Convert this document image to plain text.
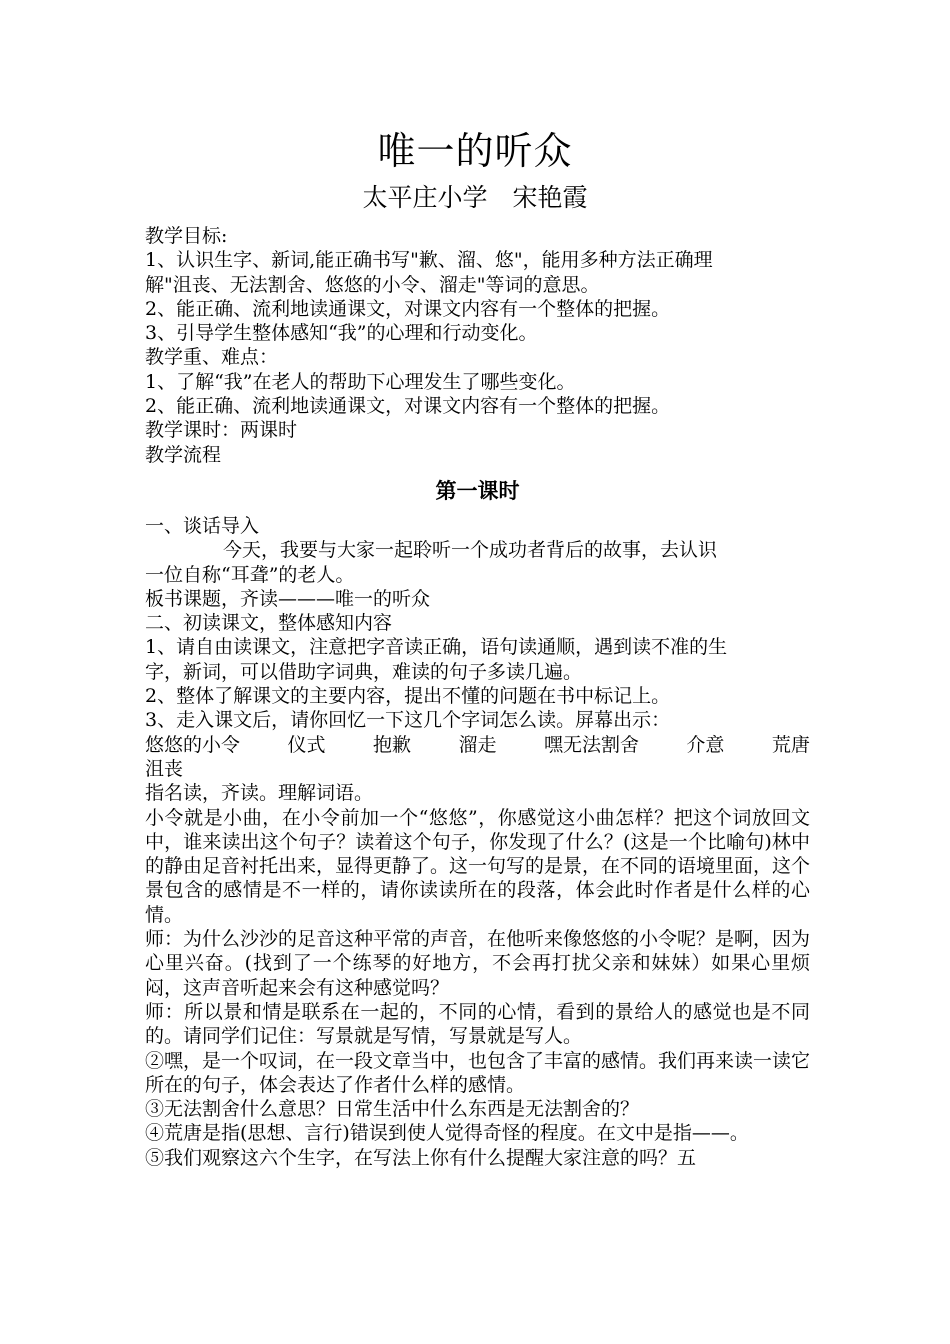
唯一的听众
太平庄小学　宋艳霞

教学目标:

1、认识生字、新词,能正确书写"歉、溜、悠"，能用多种方法正确理

解"沮丧、无法割舍、悠悠的小令、溜走"等词的意思。

2、能正确、流利地读通课文，对课文内容有一个整体的把握。

3、引导学生整体感知“我”的心理和行动变化。

教学重、难点：

1、了解“我”在老人的帮助下心理发生了哪些变化。

2、能正确、流利地读通课文，对课文内容有一个整体的把握。

教学课时：两课时

教学流程

第一课时

一、谈话导入

今天，我要与大家一起聆听一个成功者背后的故事，去认识

一位自称“耳聋”的老人。

板书课题，齐读———唯一的听众

二、初读课文，整体感知内容

1、请自由读课文，注意把字音读正确，语句读通顺，遇到读不准的生

字，新词，可以借助字词典，难读的句子多读几遍。

2、整体了解课文的主要内容，提出不懂的问题在书中标记上。

3、走入课文后，请你回忆一下这几个字词怎么读。屏幕出示：

悠悠的小令 仪式 抱歉 溜走 嘿无法割舍 介意 荒唐

沮丧

指名读，齐读。理解词语。

小令就是小曲，在小令前加一个“悠悠”，你感觉这小曲怎样？把这个词放回文中，谁来读出这个句子？读着这个句子，你发现了什么？(这是一个比喻句)林中的静由足音衬托出来，显得更静了。这一句写的是景，在不同的语境里面，这个景包含的感情是不一样的，请你读读所在的段落，体会此时作者是什么样的心情。

师：为什么沙沙的足音这种平常的声音，在他听来像悠悠的小令呢？是啊，因为心里兴奋。(找到了一个练琴的好地方，不会再打扰父亲和妹妹）如果心里烦闷，这声音听起来会有这种感觉吗？

师：所以景和情是联系在一起的，不同的心情，看到的景给人的感觉也是不同的。请同学们记住：写景就是写情，写景就是写人。

②嘿，是一个叹词，在一段文章当中，也包含了丰富的感情。我们再来读一读它所在的句子，体会表达了作者什么样的感情。

③无法割舍什么意思？日常生活中什么东西是无法割舍的？

④荒唐是指(思想、言行)错误到使人觉得奇怪的程度。在文中是指——。

⑤我们观察这六个生字，在写法上你有什么提醒大家注意的吗？五
